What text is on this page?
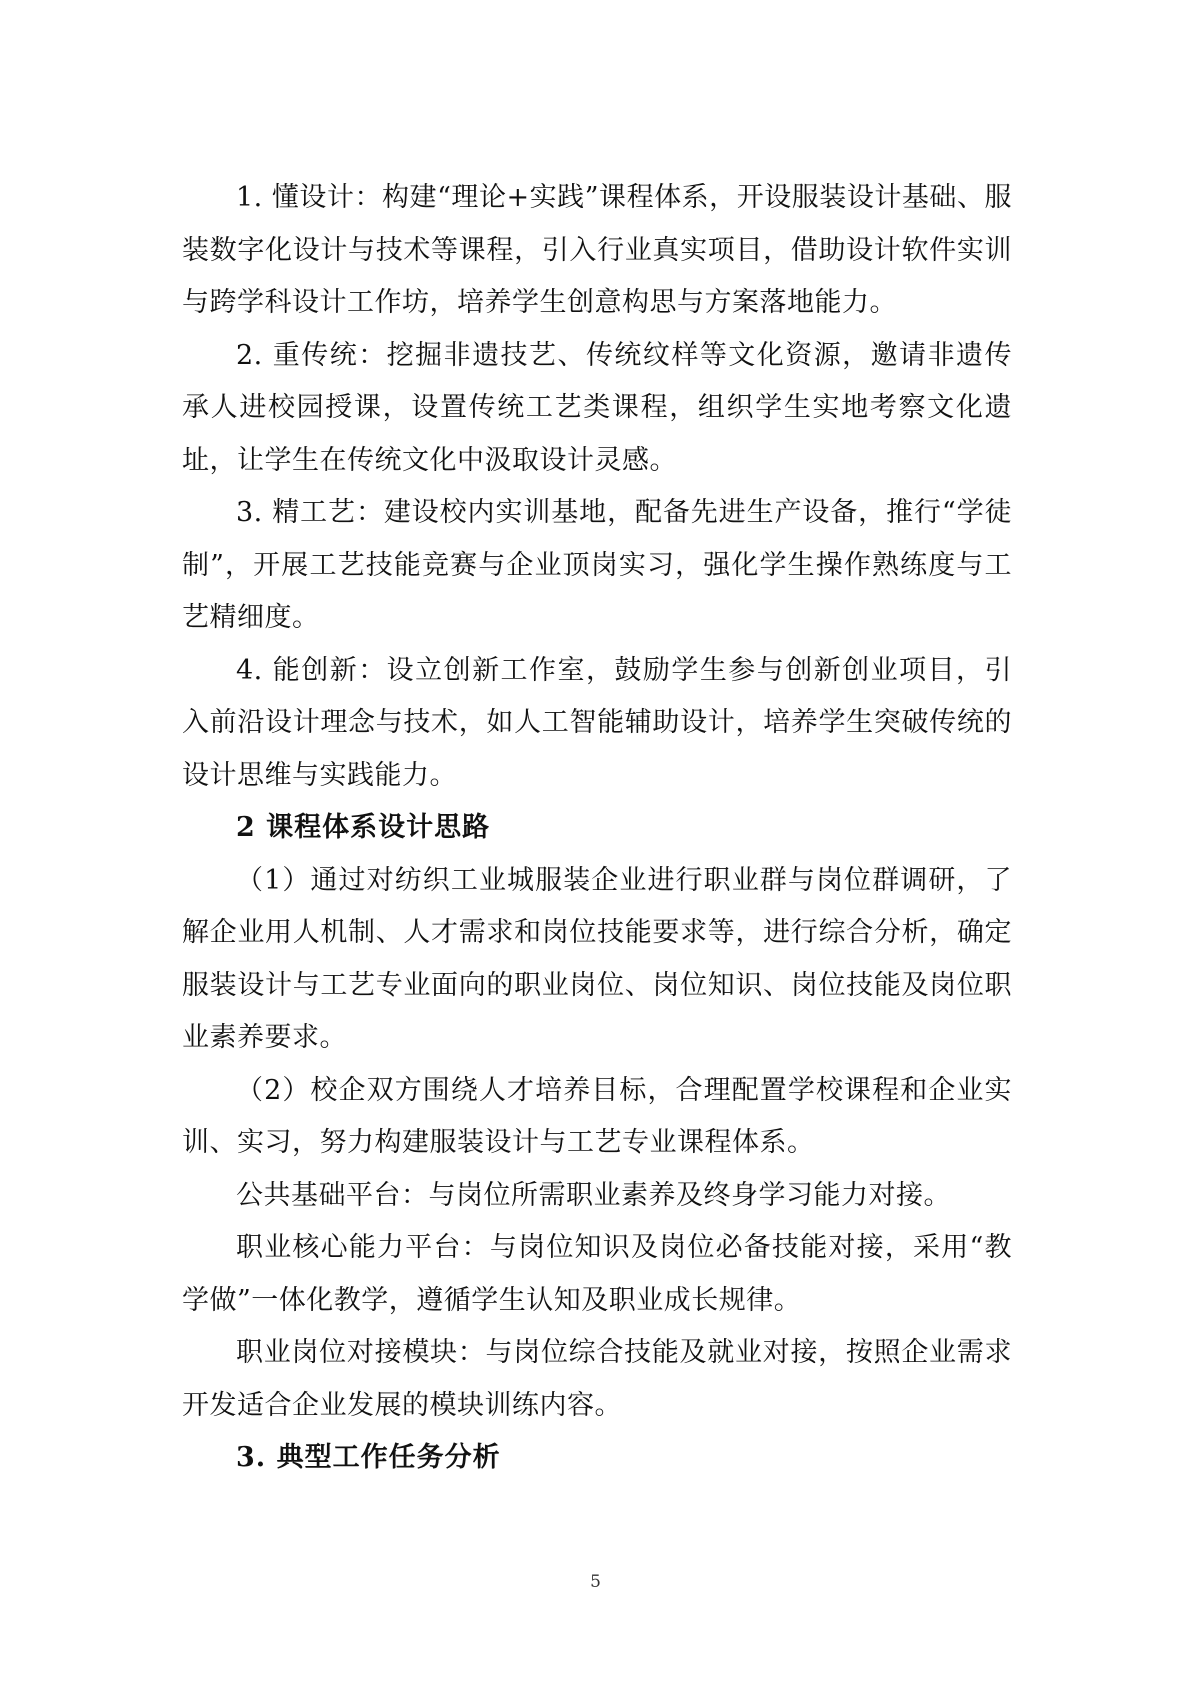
1. 懂设计：构建“理论+实践”课程体系，开设服装设计基础、服装数字化设计与技术等课程，引入行业真实项目，借助设计软件实训与跨学科设计工作坊，培养学生创意构思与方案落地能力。

2. 重传统：挖掘非遗技艺、传统纹样等文化资源，邀请非遗传承人进校园授课，设置传统工艺类课程，组织学生实地考察文化遗址，让学生在传统文化中汲取设计灵感。

3. 精工艺：建设校内实训基地，配备先进生产设备，推行“学徒制”，开展工艺技能竞赛与企业顶岗实习，强化学生操作熟练度与工艺精细度。

4. 能创新：设立创新工作室，鼓励学生参与创新创业项目，引入前沿设计理念与技术，如人工智能辅助设计，培养学生突破传统的设计思维与实践能力。

2 课程体系设计思路

（1）通过对纺织工业城服装企业进行职业群与岗位群调研，了解企业用人机制、人才需求和岗位技能要求等，进行综合分析，确定服装设计与工艺专业面向的职业岗位、岗位知识、岗位技能及岗位职业素养要求。

（2）校企双方围绕人才培养目标，合理配置学校课程和企业实训、实习，努力构建服装设计与工艺专业课程体系。

公共基础平台：与岗位所需职业素养及终身学习能力对接。

职业核心能力平台：与岗位知识及岗位必备技能对接，采用“教学做”一体化教学，遵循学生认知及职业成长规律。

职业岗位对接模块：与岗位综合技能及就业对接，按照企业需求开发适合企业发展的模块训练内容。

3. 典型工作任务分析
5
